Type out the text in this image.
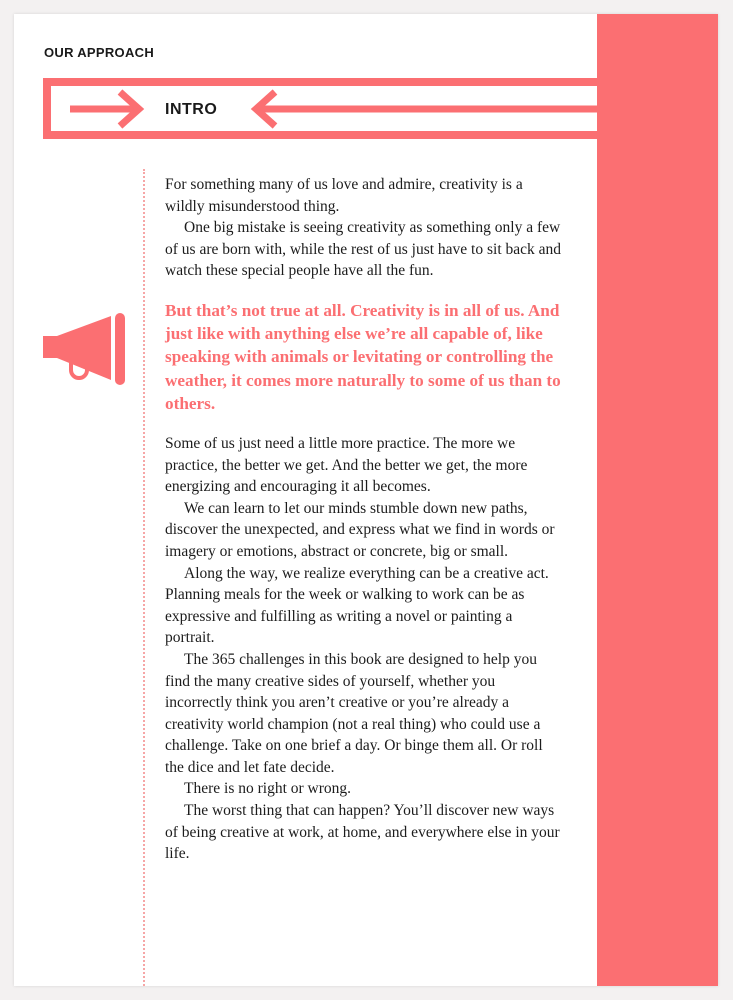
OUR APPROACH
INTRO

For something many of us love and admire, creativity is a wildly misunderstood thing.

One big mistake is seeing creativity as something only a few of us are born with, while the rest of us just have to sit back and watch these special people have all the fun.

But that’s not true at all. Creativity is in all of us. And just like with anything else we’re all capable of, like speaking with animals or levitating or controlling the weather, it comes more naturally to some of us than to others.

Some of us just need a little more practice. The more we practice, the better we get. And the better we get, the more energizing and encouraging it all becomes.

We can learn to let our minds stumble down new paths, discover the unexpected, and express what we find in words or imagery or emotions, abstract or concrete, big or small.

Along the way, we realize everything can be a creative act. Planning meals for the week or walking to work can be as expressive and fulfilling as writing a novel or painting a portrait.

The 365 challenges in this book are designed to help you find the many creative sides of yourself, whether you incorrectly think you aren’t creative or you’re already a creativity world champion (not a real thing) who could use a challenge. Take on one brief a day. Or binge them all. Or roll the dice and let fate decide.

There is no right or wrong.

The worst thing that can happen? You’ll discover new ways of being creative at work, at home, and everywhere else in your life.
